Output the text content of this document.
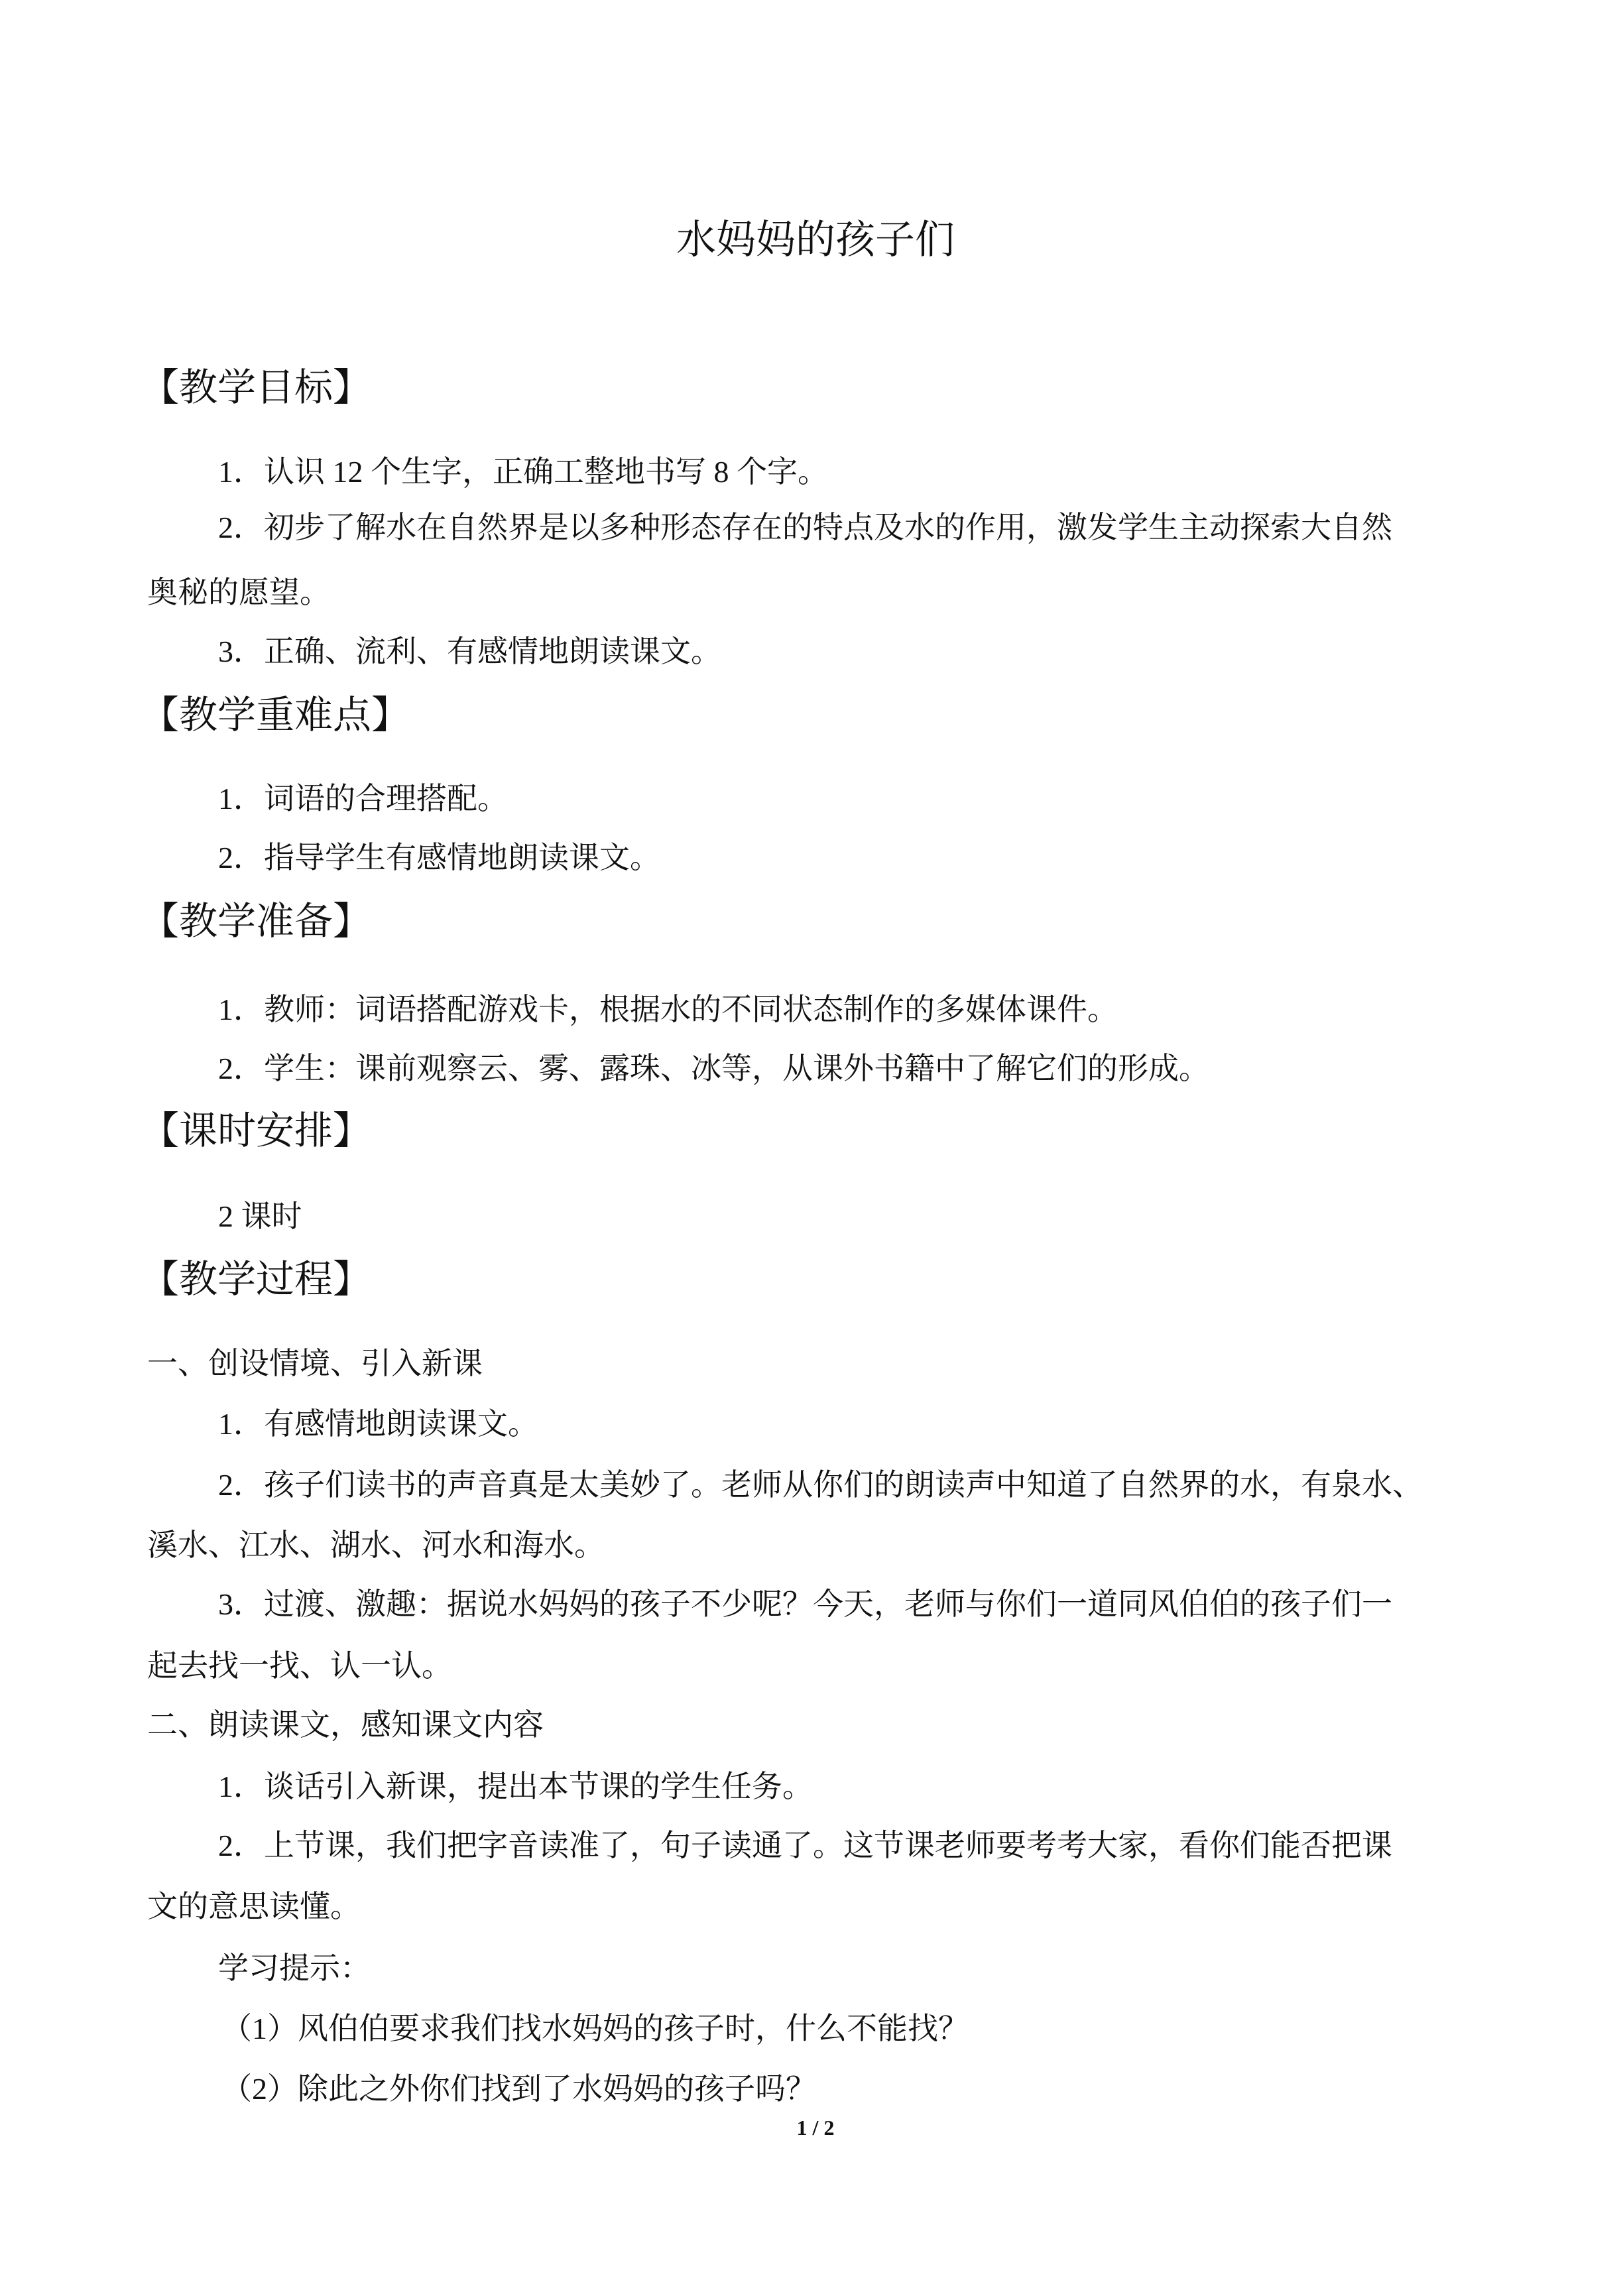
水妈妈的孩子们
【教学目标】
1．认识 12 个生字，正确工整地书写 8 个字。
2．初步了解水在自然界是以多种形态存在的特点及水的作用，激发学生主动探索大自然
奥秘的愿望。
3．正确、流利、有感情地朗读课文。
【教学重难点】
1．词语的合理搭配。
2．指导学生有感情地朗读课文。
【教学准备】
1．教师：词语搭配游戏卡，根据水的不同状态制作的多媒体课件。
2．学生：课前观察云、雾、露珠、冰等，从课外书籍中了解它们的形成。
【课时安排】
2 课时
【教学过程】
一、创设情境、引入新课
1．有感情地朗读课文。
2．孩子们读书的声音真是太美妙了。老师从你们的朗读声中知道了自然界的水，有泉水、
溪水、江水、湖水、河水和海水。
3．过渡、激趣：据说水妈妈的孩子不少呢？今天，老师与你们一道同风伯伯的孩子们一
起去找一找、认一认。
二、朗读课文，感知课文内容
1．谈话引入新课，提出本节课的学生任务。
2．上节课，我们把字音读准了，句子读通了。这节课老师要考考大家，看你们能否把课
文的意思读懂。
学习提示：
（1）风伯伯要求我们找水妈妈的孩子时，什么不能找？
（2）除此之外你们找到了水妈妈的孩子吗？
1 / 2
